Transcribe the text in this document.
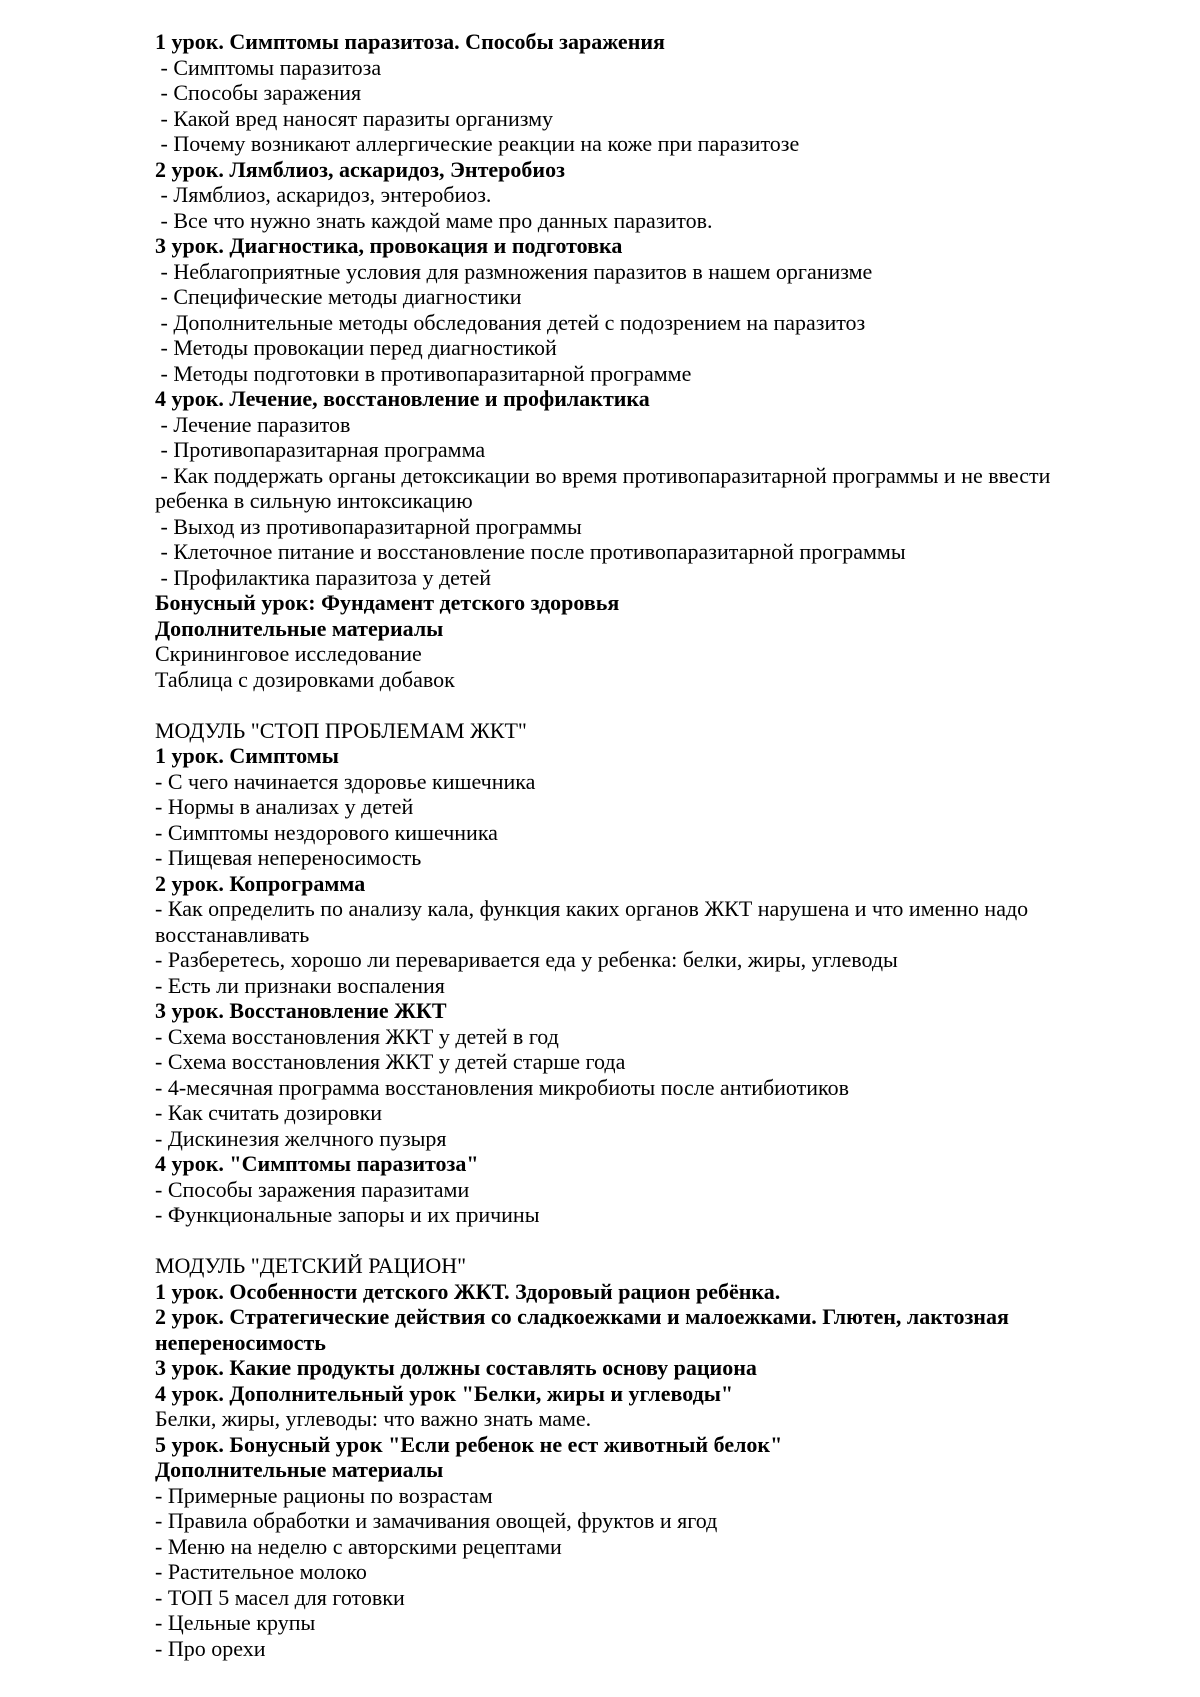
1 урок. Симптомы паразитоза. Способы заражения
- Симптомы паразитоза
- Способы заражения
- Какой вред наносят паразиты организму
- Почему возникают аллергические реакции на коже при паразитозе
2 урок. Лямблиоз, аскаридоз, Энтеробиоз
- Лямблиоз, аскаридоз, энтеробиоз.
- Все что нужно знать каждой маме про данных паразитов.
3 урок. Диагностика, провокация и подготовка
- Неблагоприятные условия для размножения паразитов в нашем организме
- Специфические методы диагностики
- Дополнительные методы обследования детей с подозрением на паразитоз
- Методы провокации перед диагностикой
- Методы подготовки в противопаразитарной программе
4 урок. Лечение, восстановление и профилактика
- Лечение паразитов
- Противопаразитарная программа
- Как поддержать органы детоксикации во время противопаразитарной программы и не ввести
ребенка в сильную интоксикацию
- Выход из противопаразитарной программы
- Клеточное питание и восстановление после противопаразитарной программы
- Профилактика паразитоза у детей
Бонусный урок: Фундамент детского здоровья
Дополнительные материалы
Скрининговое исследование
Таблица с дозировками добавок
МОДУЛЬ "СТОП ПРОБЛЕМАМ ЖКТ"
1 урок. Симптомы
- С чего начинается здоровье кишечника
- Нормы в анализах у детей
- Симптомы нездорового кишечника
- Пищевая непереносимость
2 урок. Копрограмма
- Как определить по анализу кала, функция каких органов ЖКТ нарушена и что именно надо
восстанавливать
- Разберетесь, хорошо ли переваривается еда у ребенка: белки, жиры, углеводы
- Есть ли признаки воспаления
3 урок. Восстановление ЖКТ
- Схема восстановления ЖКТ у детей в год
- Схема восстановления ЖКТ у детей старше года
- 4-месячная программа восстановления микробиоты после антибиотиков
- Как считать дозировки
- Дискинезия желчного пузыря
4 урок. "Симптомы паразитоза"
- Способы заражения паразитами
- Функциональные запоры и их причины
МОДУЛЬ "ДЕТСКИЙ РАЦИОН"
1 урок. Особенности детского ЖКТ. Здоровый рацион ребёнка.
2 урок. Стратегические действия со сладкоежками и малоежками. Глютен, лактозная
непереносимость
3 урок. Какие продукты должны составлять основу рациона
4 урок. Дополнительный урок "Белки, жиры и углеводы"
Белки, жиры, углеводы: что важно знать маме.
5 урок. Бонусный урок "Если ребенок не ест животный белок"
Дополнительные материалы
- Примерные рационы по возрастам
- Правила обработки и замачивания овощей, фруктов и ягод
- Меню на неделю с авторскими рецептами
- Растительное молоко
- ТОП 5 масел для готовки
- Цельные крупы
- Про орехи
